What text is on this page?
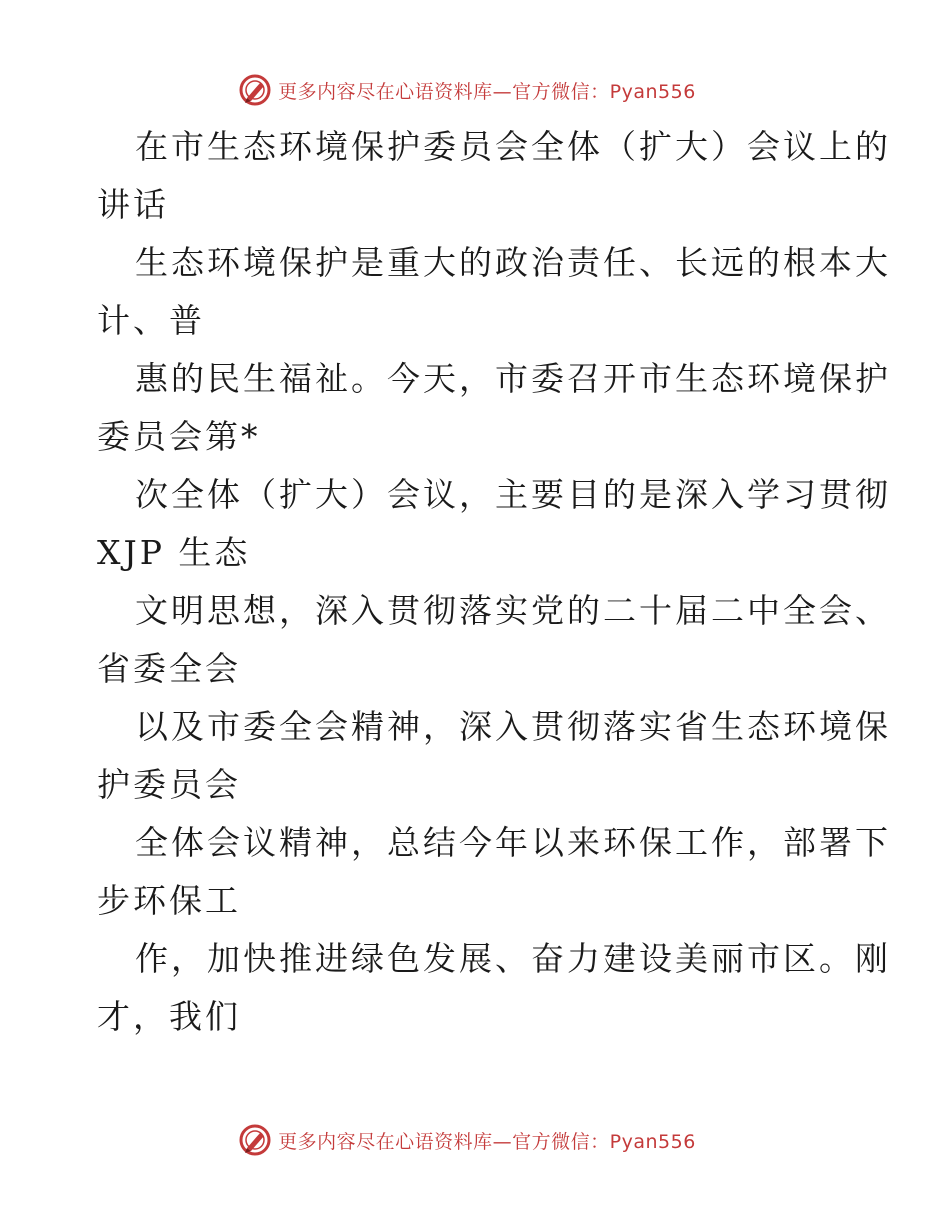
更多内容尽在心语资料库—官方微信：Pyan556
在市生态环境保护委员会全体（扩大）会议上的
讲话
生态环境保护是重大的政治责任、长远的根本大
计、普
惠的民生福祉。今天，市委召开市生态环境保护
委员会第*
次全体（扩大）会议，主要目的是深入学习贯彻
XJP 生态
文明思想，深入贯彻落实党的二十届二中全会、
省委全会
以及市委全会精神，深入贯彻落实省生态环境保
护委员会
全体会议精神，总结今年以来环保工作，部署下
步环保工
作，加快推进绿色发展、奋力建设美丽市区。刚
才，我们
更多内容尽在心语资料库—官方微信：Pyan556
